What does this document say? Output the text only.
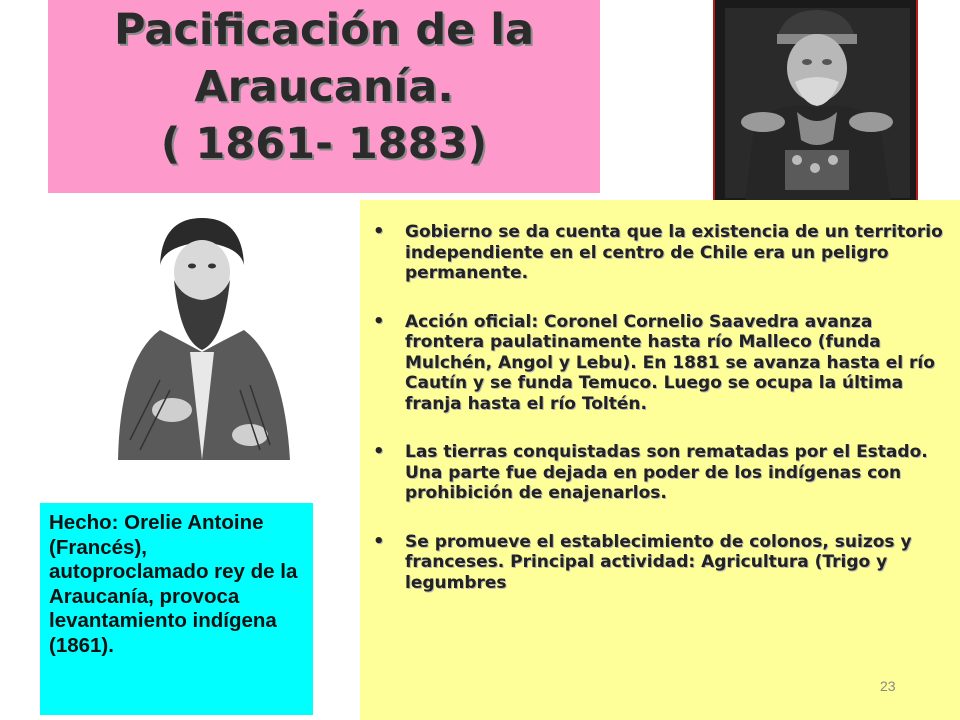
Pacificación de la
Araucanía.
( 1861- 1883)
• Gobierno se da cuenta que la existencia de un territorio independiente en el centro de Chile era un peligro permanente.
• Acción oficial: Coronel Cornelio Saavedra avanza frontera paulatinamente hasta río Malleco (funda Mulchén, Angol y Lebu). En 1881 se avanza hasta el río Cautín y se funda Temuco. Luego se ocupa la última franja hasta el río Toltén.
• Las tierras conquistadas son rematadas por el Estado. Una parte fue dejada en poder de los indígenas con prohibición de enajenarlos.
• Se promueve el establecimiento de colonos, suizos y franceses. Principal actividad: Agricultura (Trigo y legumbres
Hecho: Orelie Antoine (Francés), autoproclamado rey de la Araucanía, provoca levantamiento indígena (1861).
23
